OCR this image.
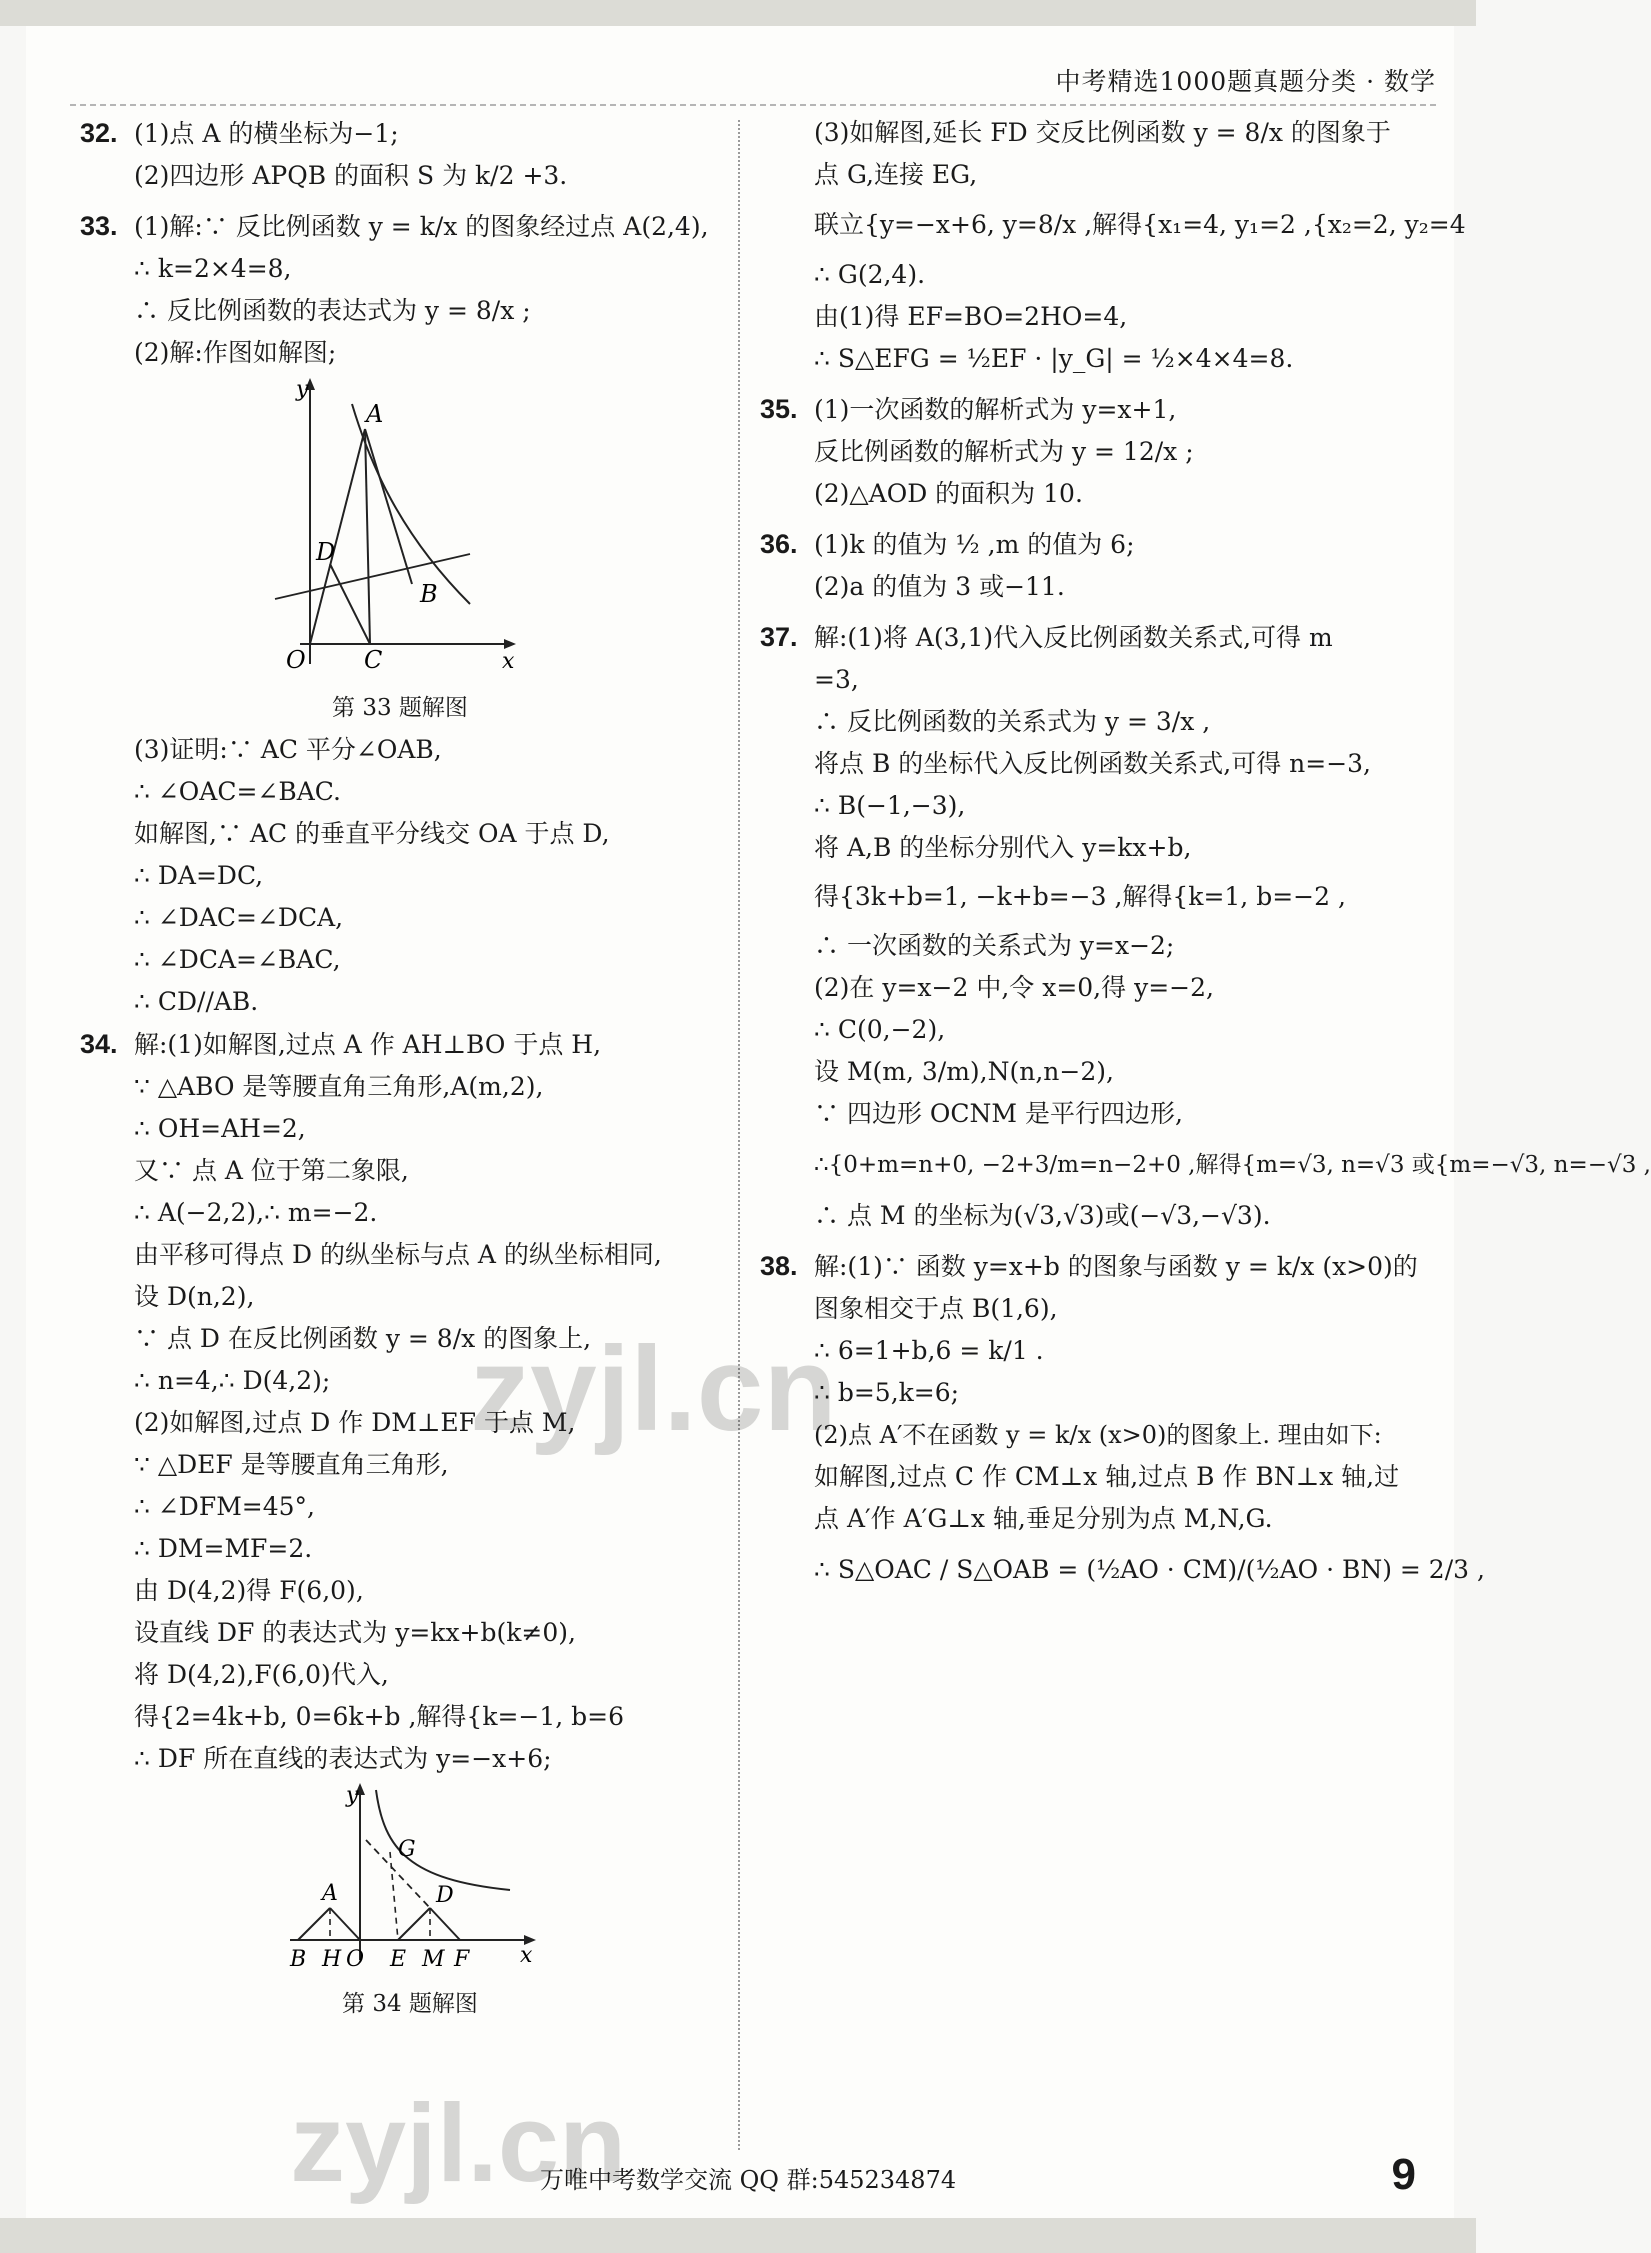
中考精选1000题真题分类 · 数学
32. (1)点 A 的横坐标为−1;
(2)四边形 APQB 的面积 S 为 k/2 +3.
33. (1)解:∵ 反比例函数 y = k/x 的图象经过点 A(2,4),
∴ k=2×4=8,
∴ 反比例函数的表达式为 y = 8/x ;
(2)解:作图如解图;
y
x
A
D
B
O C
第 33 题解图
(3)证明:∵ AC 平分∠OAB,
∴ ∠OAC=∠BAC.
如解图,∵ AC 的垂直平分线交 OA 于点 D,
∴ DA=DC,
∴ ∠DAC=∠DCA,
∴ ∠DCA=∠BAC,
∴ CD//AB.
34. 解:(1)如解图,过点 A 作 AH⊥BO 于点 H,
∵ △ABO 是等腰直角三角形,A(m,2),
∴ OH=AH=2,
又∵ 点 A 位于第二象限,
∴ A(−2,2),∴ m=−2.
由平移可得点 D 的纵坐标与点 A 的纵坐标相同,
设 D(n,2),
∵ 点 D 在反比例函数 y = 8/x 的图象上,
∴ n=4,∴ D(4,2);
(2)如解图,过点 D 作 DM⊥EF 于点 M,
∵ △DEF 是等腰直角三角形,
∴ ∠DFM=45°,
∴ DM=MF=2.
由 D(4,2)得 F(6,0),
设直线 DF 的表达式为 y=kx+b(k≠0),
将 D(4,2),F(6,0)代入,
得{2=4k+b, 0=6k+b ,解得{k=−1, b=6
∴ DF 所在直线的表达式为 y=−x+6;
y
x
A
G
D
B H O E M F
第 34 题解图
(3)如解图,延长 FD 交反比例函数 y = 8/x 的图象于
点 G,连接 EG,
联立{y=−x+6, y=8/x ,解得{x₁=4, y₁=2 ,{x₂=2, y₂=4
∴ G(2,4).
由(1)得 EF=BO=2HO=4,
∴ S△EFG = ½EF · |y_G| = ½×4×4=8.
35. (1)一次函数的解析式为 y=x+1,
反比例函数的解析式为 y = 12/x ;
(2)△AOD 的面积为 10.
36. (1)k 的值为 ½ ,m 的值为 6;
(2)a 的值为 3 或−11.
37. 解:(1)将 A(3,1)代入反比例函数关系式,可得 m
=3,
∴ 反比例函数的关系式为 y = 3/x ,
将点 B 的坐标代入反比例函数关系式,可得 n=−3,
∴ B(−1,−3),
将 A,B 的坐标分别代入 y=kx+b,
得{3k+b=1, −k+b=−3 ,解得{k=1, b=−2 ,
∴ 一次函数的关系式为 y=x−2;
(2)在 y=x−2 中,令 x=0,得 y=−2,
∴ C(0,−2),
设 M(m, 3/m),N(n,n−2),
∵ 四边形 OCNM 是平行四边形,
∴{0+m=n+0, −2+3/m=n−2+0 ,解得{m=√3, n=√3 或{m=−√3, n=−√3 ,
∴ 点 M 的坐标为(√3,√3)或(−√3,−√3).
38. 解:(1)∵ 函数 y=x+b 的图象与函数 y = k/x (x>0)的
图象相交于点 B(1,6),
∴ 6=1+b,6 = k/1 .
∴ b=5,k=6;
(2)点 A′不在函数 y = k/x (x>0)的图象上. 理由如下:
如解图,过点 C 作 CM⊥x 轴,过点 B 作 BN⊥x 轴,过
点 A′作 A′G⊥x 轴,垂足分别为点 M,N,G.
∴ S△OAC / S△OAB = (½AO · CM)/(½AO · BN) = 2/3 ,
万唯中考数学交流 QQ 群:545234874	9
